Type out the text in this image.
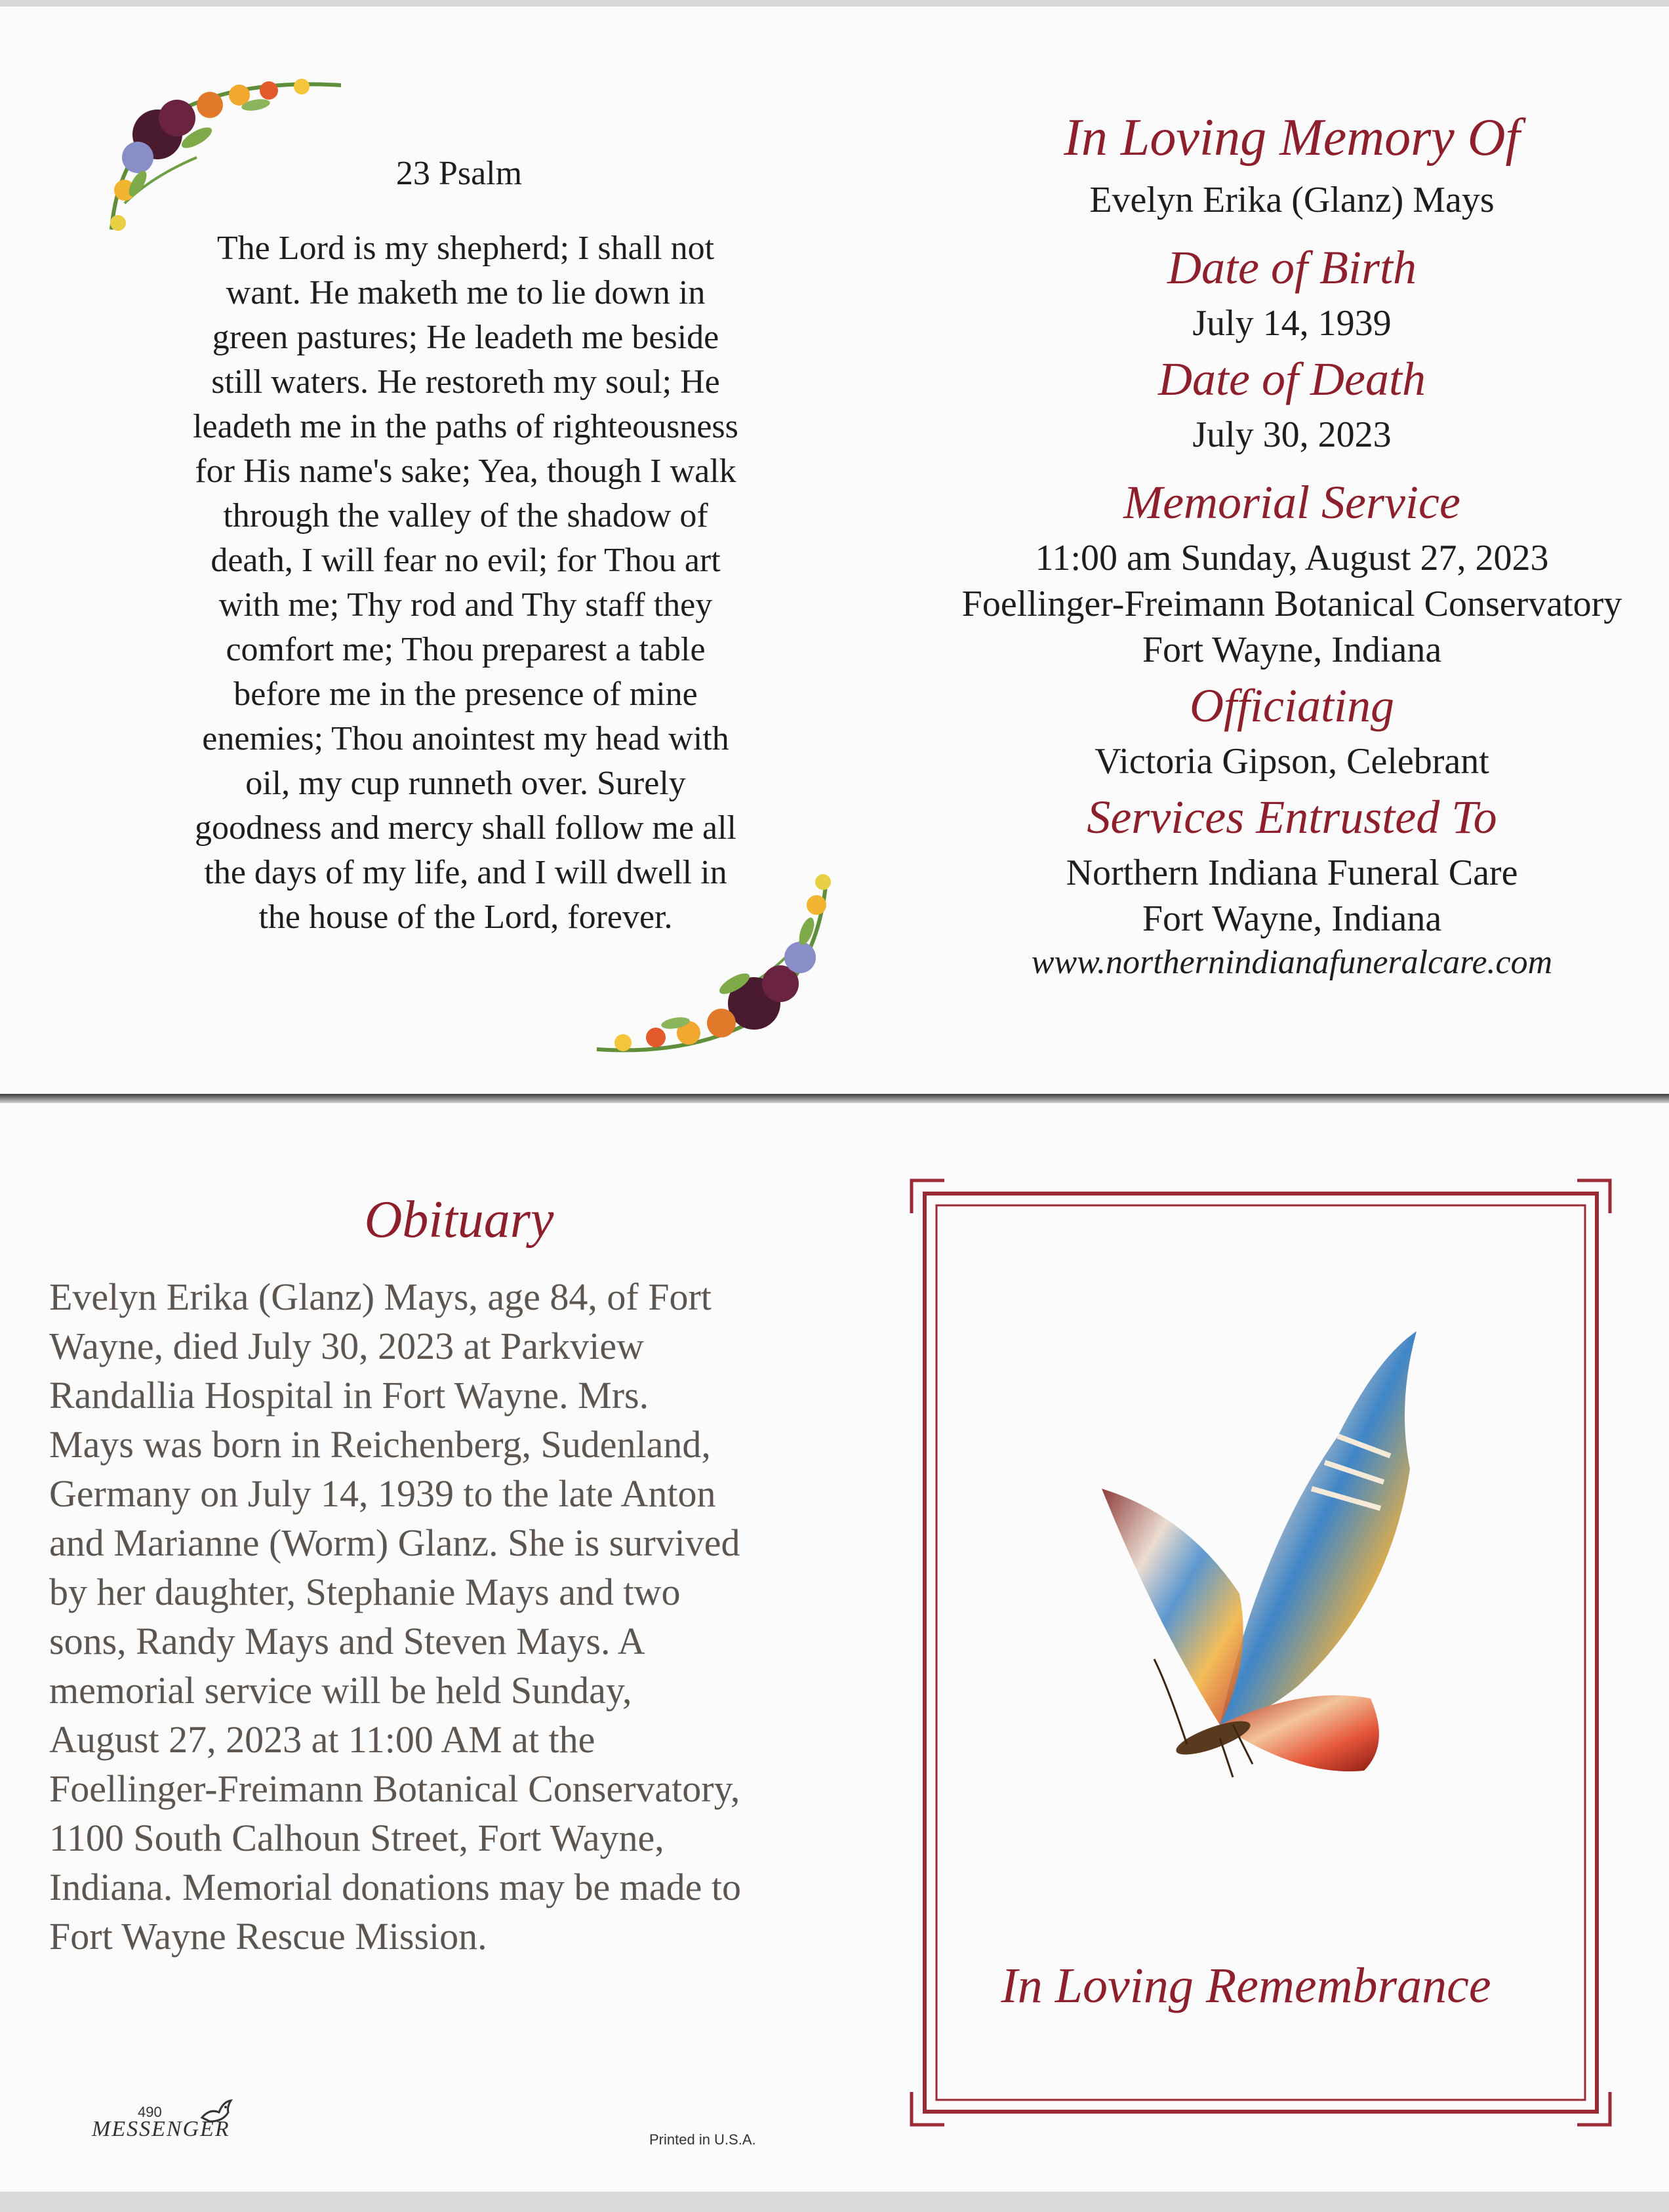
23 Psalm
The Lord is my shepherd; I shall not
want. He maketh me to lie down in
green pastures; He leadeth me beside
still waters. He restoreth my soul; He
leadeth me in the paths of righteousness
for His name's sake; Yea, though I walk
through the valley of the shadow of
death, I will fear no evil; for Thou art
with me; Thy rod and Thy staff they
comfort me; Thou preparest a table
before me in the presence of mine
enemies; Thou anointest my head with
oil, my cup runneth over. Surely
goodness and mercy shall follow me all
the days of my life, and I will dwell in
the house of the Lord, forever.
In Loving Memory Of
Evelyn Erika (Glanz) Mays
Date of Birth
July 14, 1939
Date of Death
July 30, 2023
Memorial Service
11:00 am Sunday, August 27, 2023
Foellinger-Freimann Botanical Conservatory
Fort Wayne, Indiana
Officiating
Victoria Gipson, Celebrant
Services Entrusted To
Northern Indiana Funeral Care
Fort Wayne, Indiana
www.northernindianafuneralcare.com
Obituary
Evelyn Erika (Glanz) Mays, age 84, of Fort
Wayne, died July 30, 2023 at Parkview
Randallia Hospital in Fort Wayne. Mrs.
Mays was born in Reichenberg, Sudenland,
Germany on July 14, 1939 to the late Anton
and Marianne (Worm) Glanz. She is survived
by her daughter, Stephanie Mays and two
sons, Randy Mays and Steven Mays. A
memorial service will be held Sunday,
August 27, 2023 at 11:00 AM at the
Foellinger-Freimann Botanical Conservatory,
1100 South Calhoun Street, Fort Wayne,
Indiana. Memorial donations may be made to
Fort Wayne Rescue Mission.
490
MESSENGER	Printed in U.S.A.
In Loving Remembrance
